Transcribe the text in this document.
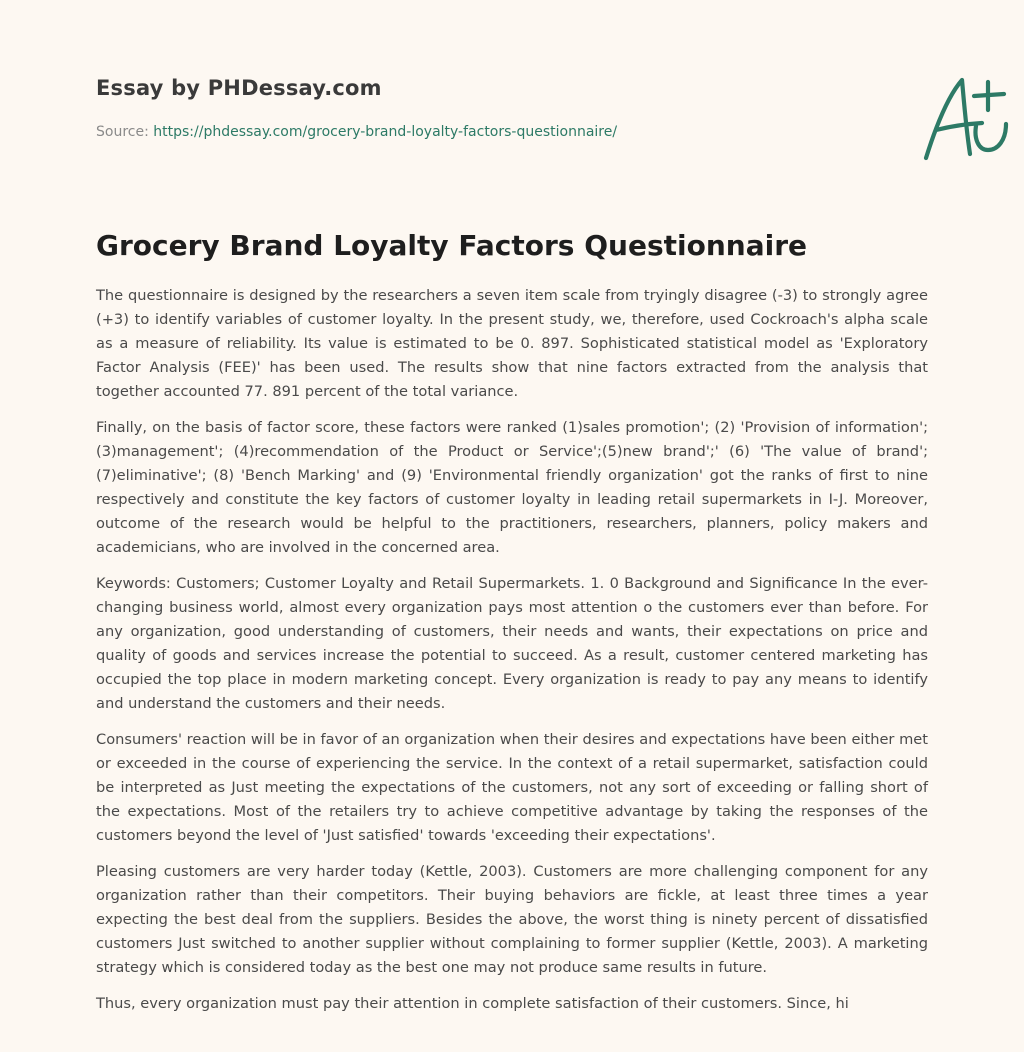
Essay by PHDessay.com
Source: https://phdessay.com/grocery-brand-loyalty-factors-questionnaire/
Grocery Brand Loyalty Factors Questionnaire

The questionnaire is designed by the researchers a seven item scale from tryingly disagree (-3) to strongly agree (+3) to identify variables of customer loyalty. In the present study, we, therefore, used Cockroach's alpha scale as a measure of reliability. Its value is estimated to be 0. 897. Sophisticated statistical model as 'Exploratory Factor Analysis (FEE)' has been used. The results show that nine factors extracted from the analysis that together accounted 77. 891 percent of the total variance.

Finally, on the basis of factor score, these factors were ranked (1)sales promotion'; (2) 'Provision of information'; (3)management'; (4)recommendation of the Product or Service';(5)new brand';' (6) 'The value of brand'; (7)eliminative'; (8) 'Bench Marking' and (9) 'Environmental friendly organization' got the ranks of first to nine respectively and constitute the key factors of customer loyalty in leading retail supermarkets in I-J. Moreover, outcome of the research would be helpful to the practitioners, researchers, planners, policy makers and academicians, who are involved in the concerned area.

Keywords: Customers; Customer Loyalty and Retail Supermarkets. 1. 0 Background and Significance In the ever-changing business world, almost every organization pays most attention o the customers ever than before. For any organization, good understanding of customers, their needs and wants, their expectations on price and quality of goods and services increase the potential to succeed. As a result, customer centered marketing has occupied the top place in modern marketing concept. Every organization is ready to pay any means to identify and understand the customers and their needs.

Consumers' reaction will be in favor of an organization when their desires and expectations have been either met or exceeded in the course of experiencing the service. In the context of a retail supermarket, satisfaction could be interpreted as Just meeting the expectations of the customers, not any sort of exceeding or falling short of the expectations. Most of the retailers try to achieve competitive advantage by taking the responses of the customers beyond the level of 'Just satisfied' towards 'exceeding their expectations'.

Pleasing customers are very harder today (Kettle, 2003). Customers are more challenging component for any organization rather than their competitors. Their buying behaviors are fickle, at least three times a year expecting the best deal from the suppliers. Besides the above, the worst thing is ninety percent of dissatisfied customers Just switched to another supplier without complaining to former supplier (Kettle, 2003). A marketing strategy which is considered today as the best one may not produce same results in future.

Thus, every organization must pay their attention in complete satisfaction of their customers. Since, hi
